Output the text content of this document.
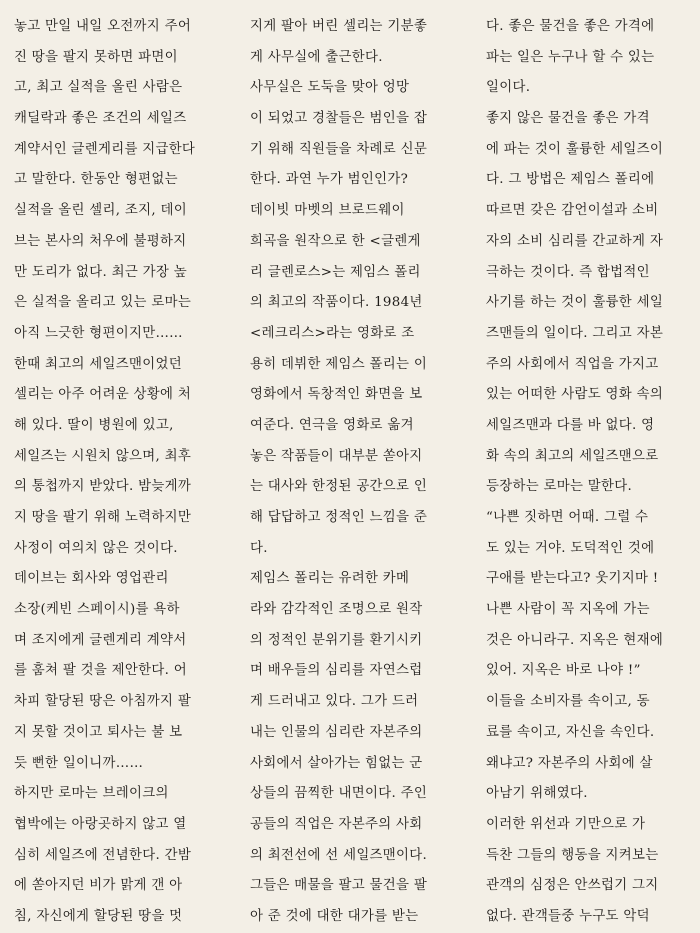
놓고 만일 내일 오전까지 주어
진 땅을 팔지 못하면 파면이
고, 최고 실적을 올린 사람은
캐딜락과 좋은 조건의 세일즈
계약서인 글렌게리를 지급한다
고 말한다. 한동안 형편없는
실적을 올린 셀리, 조지, 데이
브는 본사의 처우에 불평하지
만 도리가 없다. 최근 가장 높
은 실적을 올리고 있는 로마는
아직 느긋한 형편이지만……
한때 최고의 세일즈맨이었던
셀리는 아주 어려운 상황에 처
해 있다. 딸이 병원에 있고,
세일즈는 시원치 않으며, 최후
의 통첩까지 받았다. 밤늦게까
지 땅을 팔기 위해 노력하지만
사정이 여의치 않은 것이다.
데이브는 회사와 영업관리
소장(케빈 스페이시)를 욕하
며 조지에게 글렌게리 계약서
를 훔쳐 팔 것을 제안한다. 어
차피 할당된 땅은 아침까지 팔
지 못할 것이고 퇴사는 불 보
듯 뻔한 일이니까……
하지만 로마는 브레이크의
협박에는 아랑곳하지 않고 열
심히 세일즈에 전념한다. 간밤
에 쏟아지던 비가 맑게 갠 아
침, 자신에게 할당된 땅을 멋
지게 팔아 버린 셀리는 기분좋
게 사무실에 출근한다.
사무실은 도둑을 맞아 엉망
이 되었고 경찰들은 범인을 잡
기 위해 직원들을 차례로 신문
한다. 과연 누가 범인인가?
데이빗 마벳의 브로드웨이
희곡을 원작으로 한 <글렌게
리 글렌로스>는 제임스 폴리
의 최고의 작품이다. 1984년
<레크리스>라는 영화로 조
용히 데뷔한 제임스 폴리는 이
영화에서 독창적인 화면을 보
여준다. 연극을 영화로 옮겨
놓은 작품들이 대부분 쏟아지
는 대사와 한정된 공간으로 인
해 답답하고 정적인 느낌을 준
다.
제임스 폴리는 유려한 카메
라와 감각적인 조명으로 원작
의 정적인 분위기를 환기시키
며 배우들의 심리를 자연스럽
게 드러내고 있다. 그가 드러
내는 인물의 심리란 자본주의
사회에서 살아가는 힘없는 군
상들의 끔찍한 내면이다. 주인
공들의 직업은 자본주의 사회
의 최전선에 선 세일즈맨이다.
그들은 매물을 팔고 물건을 팔
아 준 것에 대한 대가를 받는
다. 좋은 물건을 좋은 가격에
파는 일은 누구나 할 수 있는
일이다.
좋지 않은 물건을 좋은 가격
에 파는 것이 훌륭한 세일즈이
다. 그 방법은 제임스 폴리에
따르면 갖은 감언이설과 소비
자의 소비 심리를 간교하게 자
극하는 것이다. 즉 합법적인
사기를 하는 것이 훌륭한 세일
즈맨들의 일이다. 그리고 자본
주의 사회에서 직업을 가지고
있는 어떠한 사람도 영화 속의
세일즈맨과 다를 바 없다. 영
화 속의 최고의 세일즈맨으로
등장하는 로마는 말한다.
“나쁜 짓하면 어때. 그럴 수
도 있는 거야. 도덕적인 것에
구애를 받는다고? 웃기지마 !
나쁜 사람이 꼭 지옥에 가는
것은 아니라구. 지옥은 현재에
있어. 지옥은 바로 나야 !”
이들을 소비자를 속이고, 동
료를 속이고, 자신을 속인다.
왜냐고? 자본주의 사회에 살
아남기 위해였다.
이러한 위선과 기만으로 가
득찬 그들의 행동을 지켜보는
관객의 심정은 안쓰럽기 그지
없다. 관객들중 누구도 악덕
